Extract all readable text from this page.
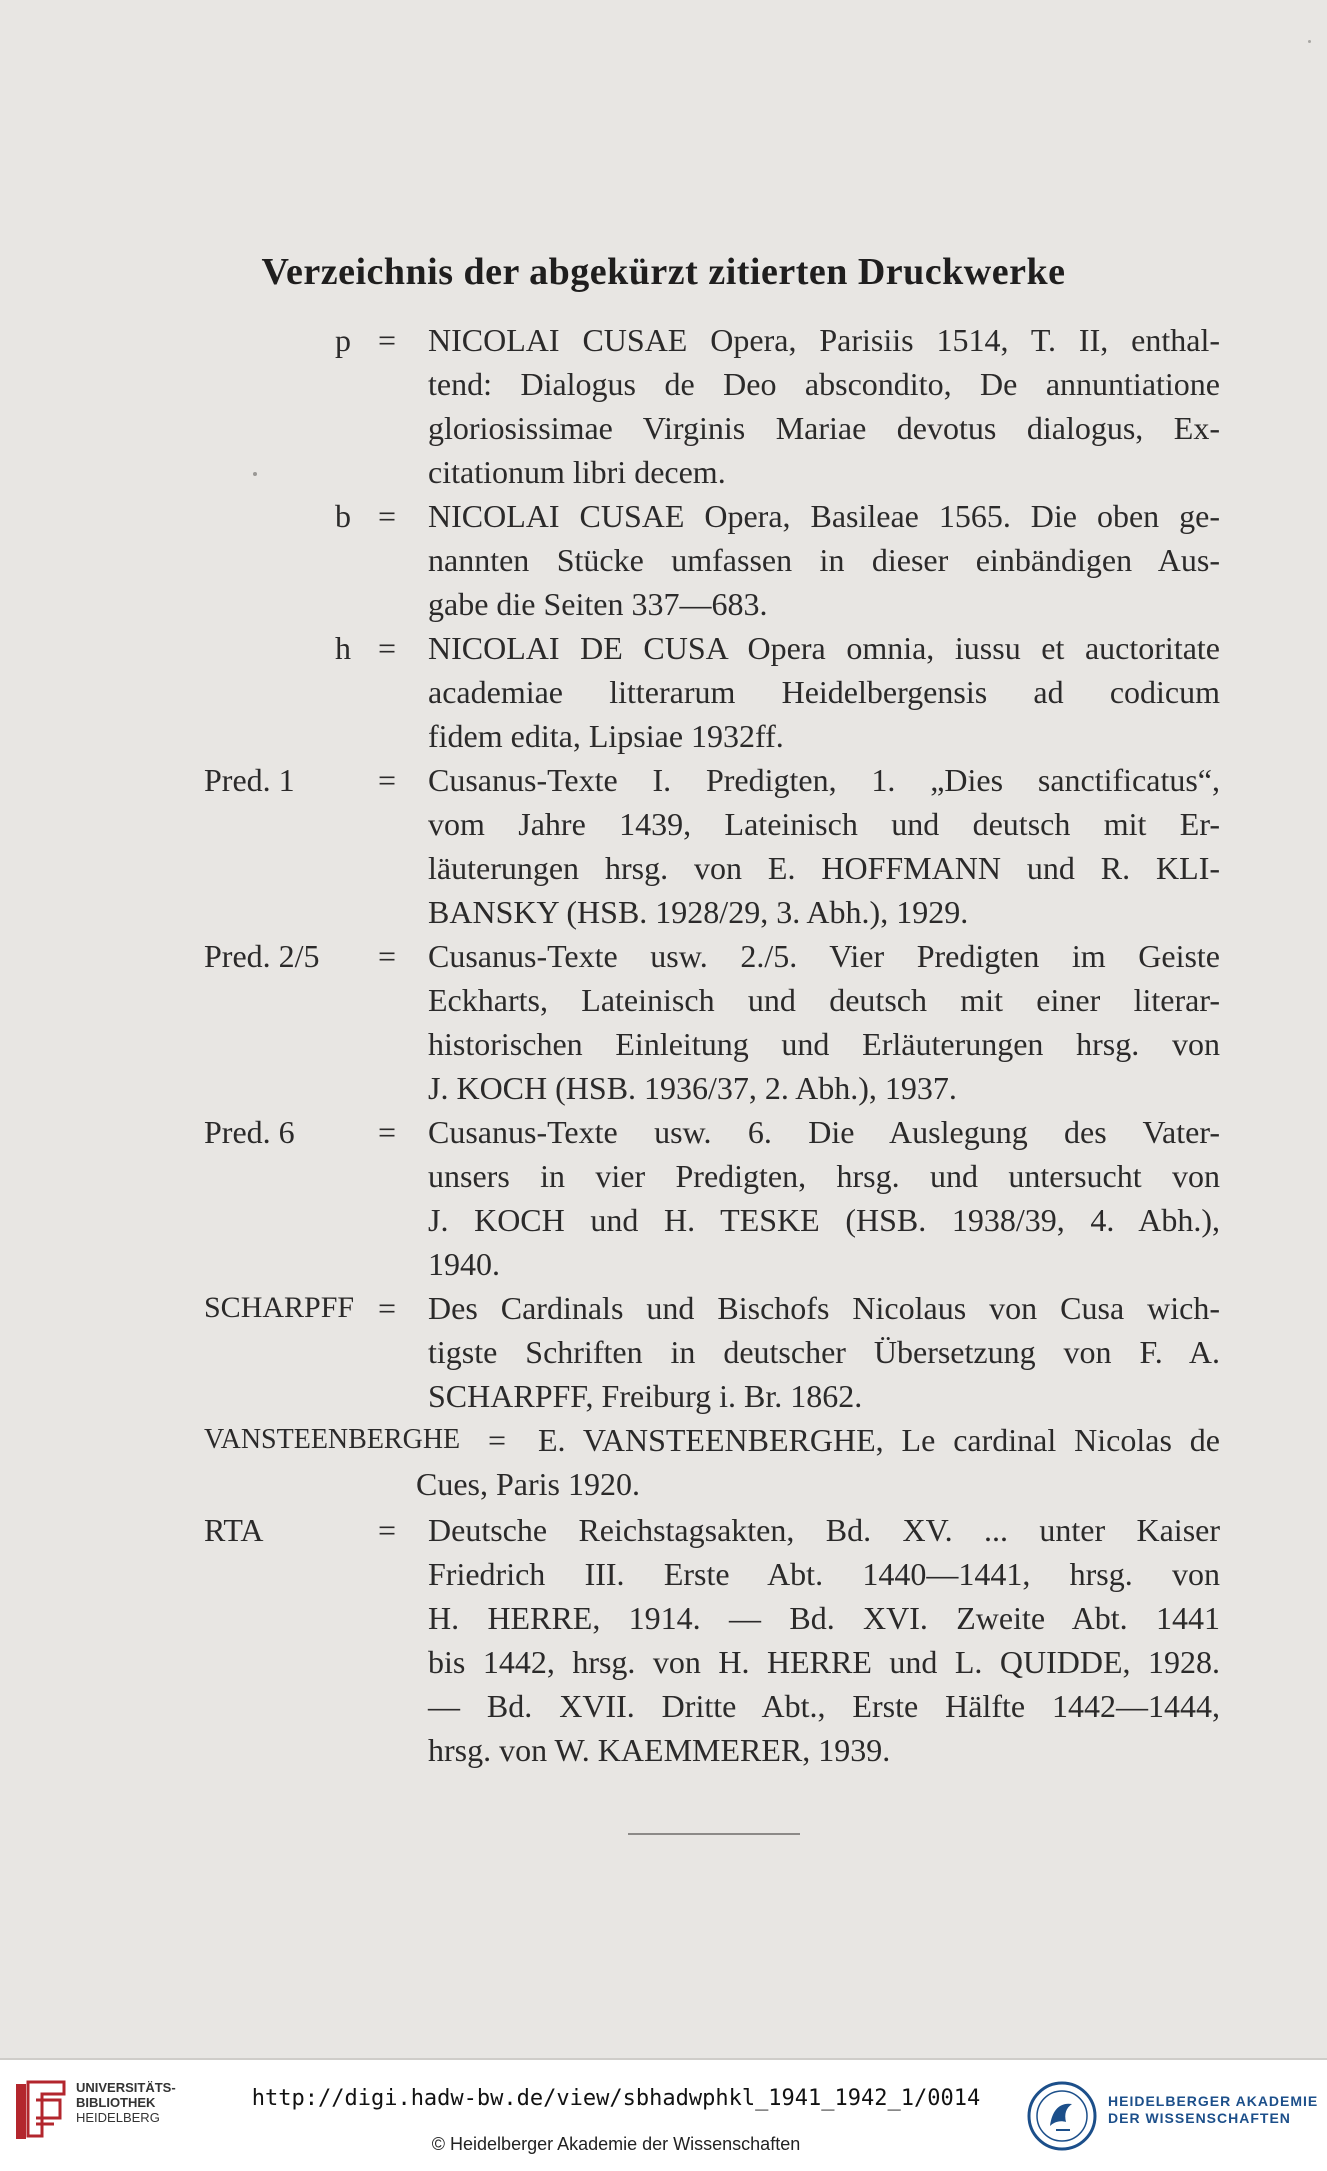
Verzeichnis der abgekürzt zitierten Druckwerke
p = NICOLAI CUSAE Opera, Parisiis 1514, T. II, enthal-
tend: Dialogus de Deo abscondito, De annuntiatione
gloriosissimae Virginis Mariae devotus dialogus, Ex-
citationum libri decem.
b = NICOLAI CUSAE Opera, Basileae 1565. Die oben ge-
nannten Stücke umfassen in dieser einbändigen Aus-
gabe die Seiten 337—683.
h = NICOLAI DE CUSA Opera omnia, iussu et auctoritate
academiae litterarum Heidelbergensis ad codicum
fidem edita, Lipsiae 1932ff.
Pred. 1	= Cusanus-Texte I. Predigten, 1. „Dies sanctificatus“,
vom Jahre 1439, Lateinisch und deutsch mit Er-
läuterungen hrsg. von E. HOFFMANN und R. KLI-
BANSKY (HSB. 1928/29, 3. Abh.), 1929.
Pred. 2/5 = Cusanus-Texte usw. 2./5. Vier Predigten im Geiste
Eckharts, Lateinisch und deutsch mit einer literar-
historischen Einleitung und Erläuterungen hrsg. von
J. KOCH (HSB. 1936/37, 2. Abh.), 1937.
Pred. 6	= Cusanus-Texte usw. 6. Die Auslegung des Vater-
unsers in vier Predigten, hrsg. und untersucht von
J. KOCH und H. TESKE (HSB. 1938/39, 4. Abh.),
1940.
SCHARPFF = Des Cardinals und Bischofs Nicolaus von Cusa wich-
tigste Schriften in deutscher Übersetzung von F. A.
SCHARPFF, Freiburg i. Br. 1862.
VANSTEENBERGHE = E. VANSTEENBERGHE, Le cardinal Nicolas de
Cues, Paris 1920.
RTA	= Deutsche Reichstagsakten, Bd. XV. ... unter Kaiser
Friedrich III. Erste Abt. 1440—1441, hrsg. von
H. HERRE, 1914. — Bd. XVI. Zweite Abt. 1441
bis 1442, hrsg. von H. HERRE und L. QUIDDE, 1928.
— Bd. XVII. Dritte Abt., Erste Hälfte 1442—1444,
hrsg. von W. KAEMMERER, 1939.
UNIVERSITÄTS-
BIBLIOTHEK
HEIDELBERG
http://digi.hadw-bw.de/view/sbhadwphkl_1941_1942_1/0014
© Heidelberger Akademie der Wissenschaften
HEIDELBERGER AKADEMIE
DER WISSENSCHAFTEN
